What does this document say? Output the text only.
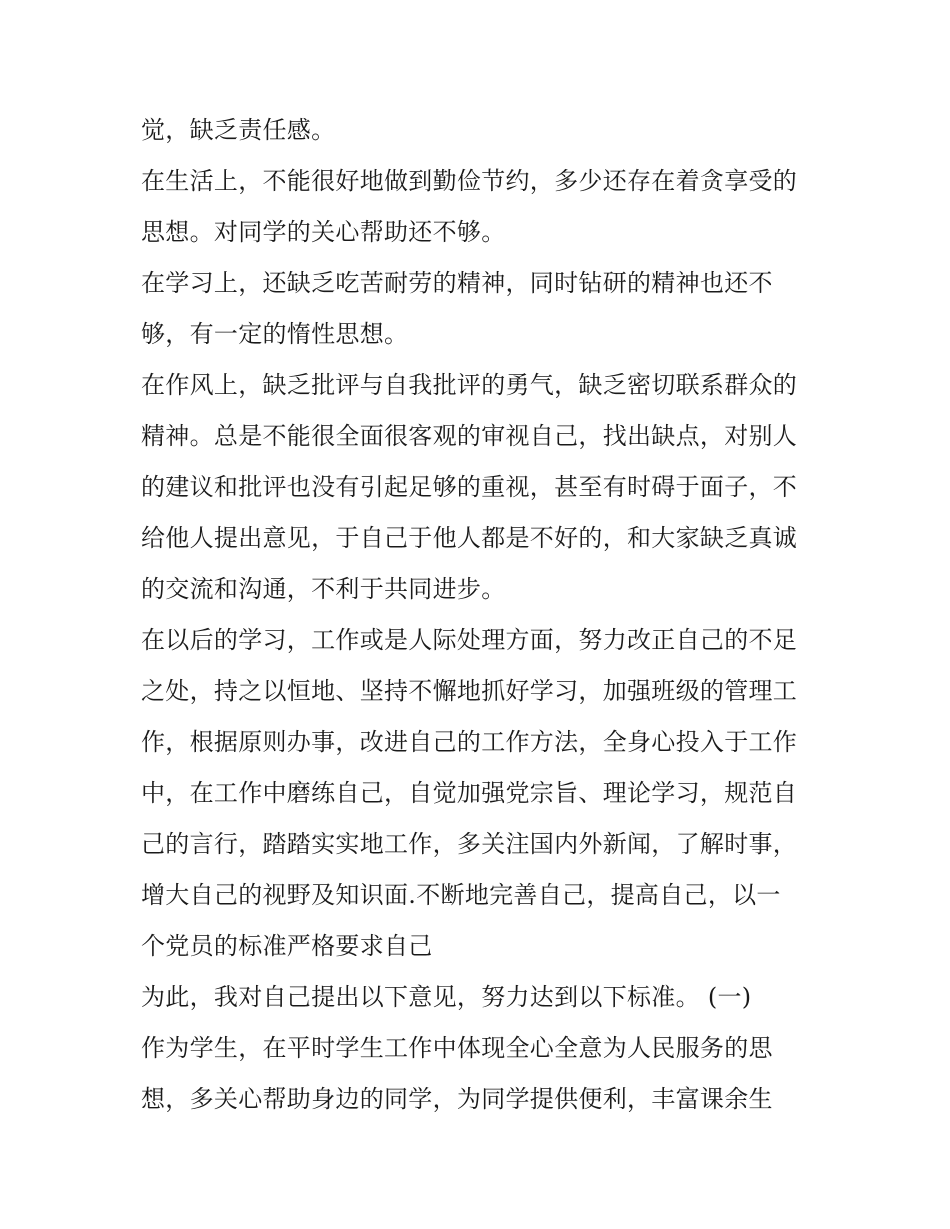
觉，缺乏责任感。
在生活上，不能很好地做到勤俭节约，多少还存在着贪享受的
思想。对同学的关心帮助还不够。
在学习上，还缺乏吃苦耐劳的精神，同时钻研的精神也还不
够，有一定的惰性思想。
在作风上，缺乏批评与自我批评的勇气，缺乏密切联系群众的
精神。总是不能很全面很客观的审视自己，找出缺点，对别人
的建议和批评也没有引起足够的重视，甚至有时碍于面子，不
给他人提出意见，于自己于他人都是不好的，和大家缺乏真诚
的交流和沟通，不利于共同进步。
在以后的学习，工作或是人际处理方面，努力改正自己的不足
之处，持之以恒地、坚持不懈地抓好学习，加强班级的管理工
作，根据原则办事，改进自己的工作方法，全身心投入于工作
中，在工作中磨练自己，自觉加强党宗旨、理论学习，规范自
己的言行，踏踏实实地工作，多关注国内外新闻，了解时事，
增大自己的视野及知识面.不断地完善自己，提高自己，以一
个党员的标准严格要求自己
为此，我对自己提出以下意见，努力达到以下标准。 (一)
作为学生，在平时学生工作中体现全心全意为人民服务的思
想，多关心帮助身边的同学，为同学提供便利，丰富课余生
